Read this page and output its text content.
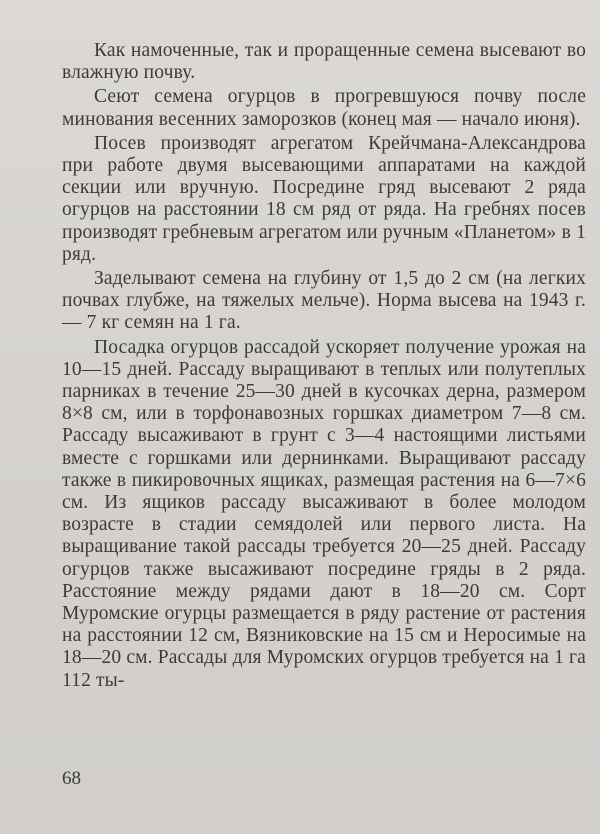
Как намоченные, так и проращенные семена высевают во влажную почву.

Сеют семена огурцов в прогревшуюся почву после минования весенних заморозков (конец мая — начало июня).

Посев производят агрегатом Крейчмана-Александрова при работе двумя высевающими аппаратами на каждой секции или вручную. Посредине гряд высевают 2 ряда огурцов на расстоянии 18 см ряд от ряда. На гребнях посев производят гребневым агрегатом или ручным «Планетом» в 1 ряд.

Заделывают семена на глубину от 1,5 до 2 см (на легких почвах глубже, на тяжелых мельче). Норма высева на 1943 г. — 7 кг семян на 1 га.

Посадка огурцов рассадой ускоряет получение урожая на 10—15 дней. Рассаду выращивают в теплых или полутеплых парниках в течение 25—30 дней в кусочках дерна, размером 8×8 см, или в торфонавозных горшках диаметром 7—8 см. Рассаду высаживают в грунт с 3—4 настоящими листьями вместе с горшками или дернинками. Выращивают рассаду также в пикировочных ящиках, размещая растения на 6—7×6 см. Из ящиков рассаду высаживают в более молодом возрасте в стадии семядолей или первого листа. На выращивание такой рассады требуется 20—25 дней. Рассаду огурцов также высаживают посредине гряды в 2 ряда. Расстояние между рядами дают в 18—20 см. Сорт Муромские огурцы размещается в ряду растение от растения на расстоянии 12 см, Вязниковские на 15 см и Неросимые на 18—20 см. Рассады для Муромских огурцов требуется на 1 га 112 ты-

68
